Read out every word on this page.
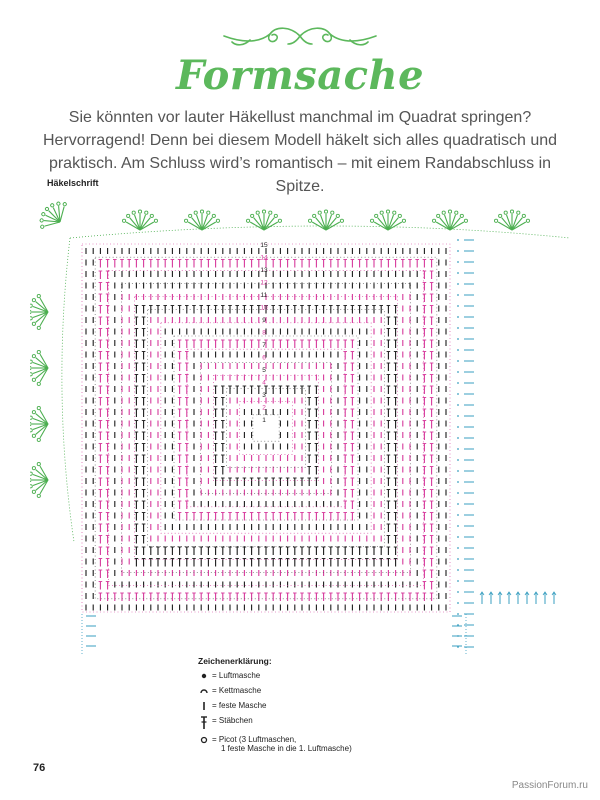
Formsache
Sie könnten vor lauter Häkellust manchmal im Quadrat springen?
Hervorragend! Denn bei diesem Modell häkelt sich alles quadratisch und
praktisch. Am Schluss wird’s romantisch – mit einem Randabschluss in Spitze.
Häkelschrift
1
2
3
4
5
6
7
8
9
10
11
12
13
14
15
Zeichenerklärung:
= Luftmasche
= Kettmasche
= feste Masche
= Stäbchen
= Picot (3 Luftmaschen,
1 feste Masche in die 1. Luftmasche)
76
PassionForum.ru
